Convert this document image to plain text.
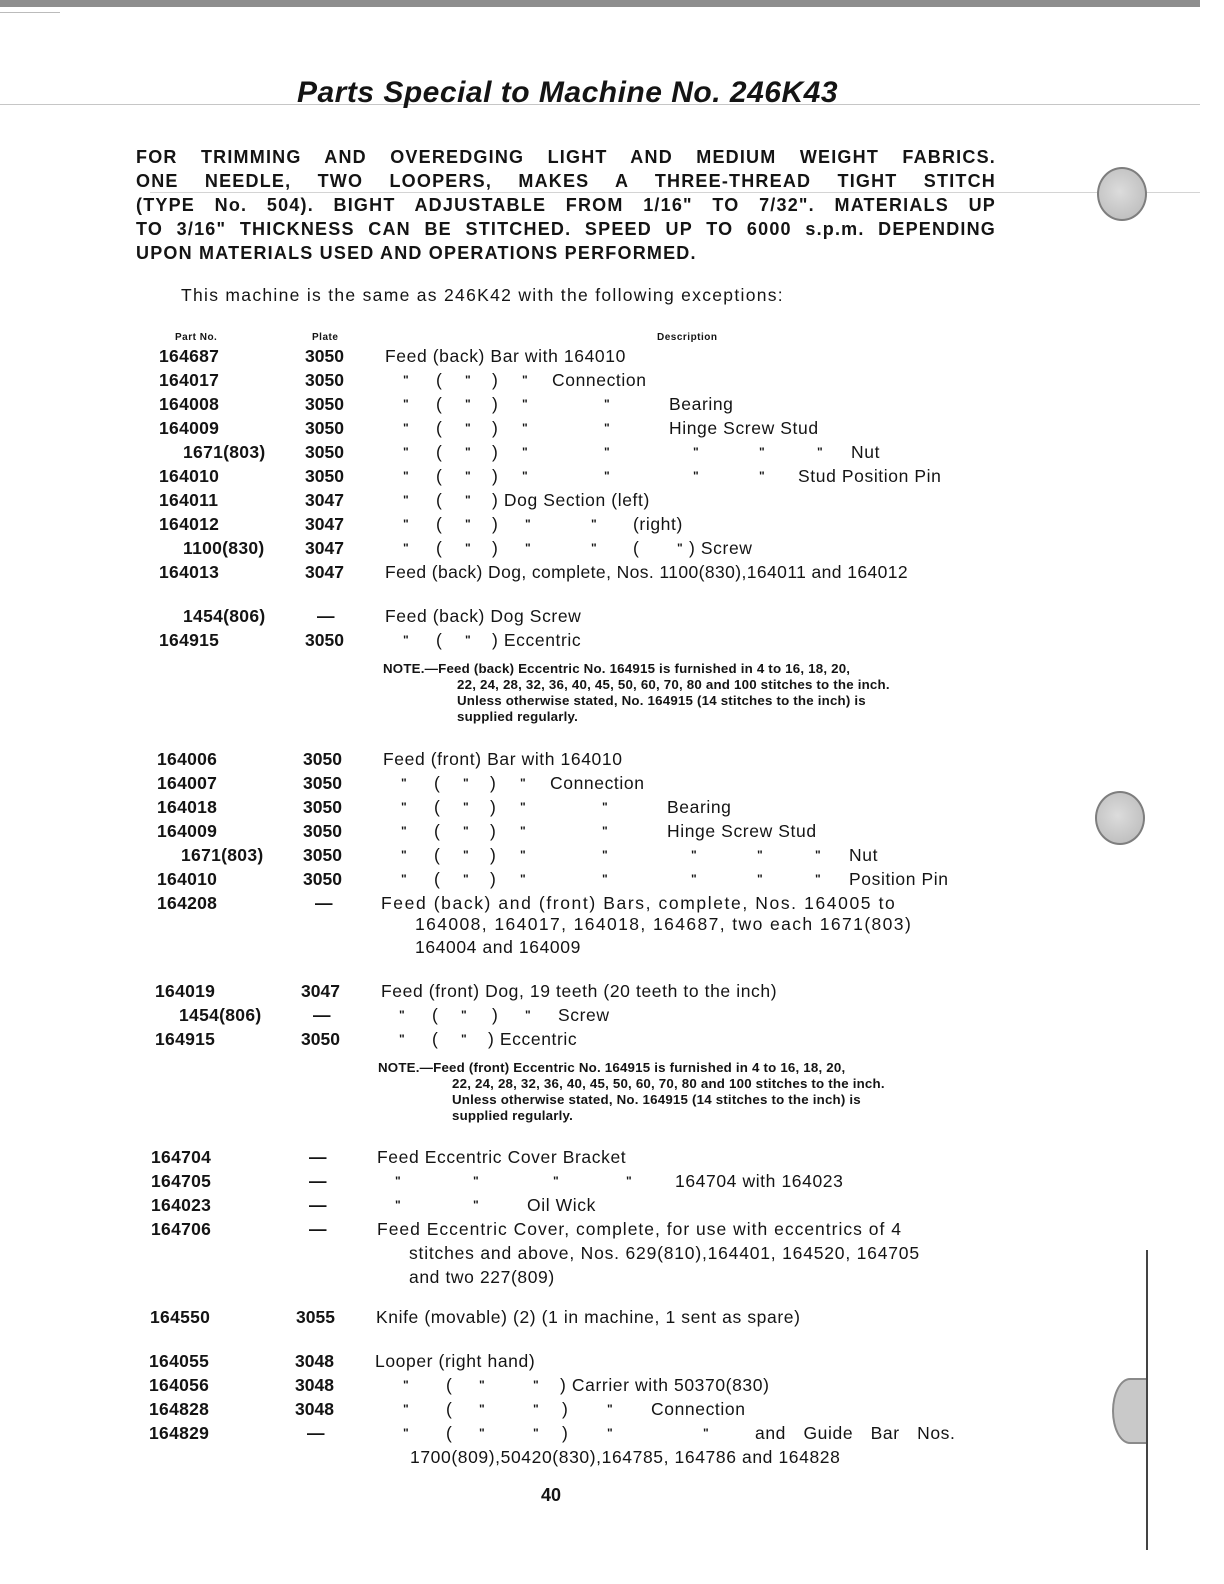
Parts Special to Machine No. 246K43
FOR TRIMMING AND OVEREDGING LIGHT AND MEDIUM WEIGHT FABRICS.
ONE NEEDLE, TWO LOOPERS, MAKES A THREE-THREAD TIGHT STITCH
(TYPE No. 504). BIGHT ADJUSTABLE FROM 1/16" TO 7/32". MATERIALS UP
TO 3/16" THICKNESS CAN BE STITCHED. SPEED UP TO 6000 s.p.m. DEPENDING
UPON MATERIALS USED AND OPERATIONS PERFORMED.
This machine is the same as 246K42 with the following exceptions:
Part No.	Plate	Description
164687	3050 Feed (back) Bar with 164010
164017	3050	" ( " ) " Connection
164008	3050	" ( " ) "	"	Bearing
164009	3050	" ( " ) "	"	Hinge Screw Stud
1671(803) 3050	" ( " ) "	"	"	"	" Nut
164010	3050	" ( " ) "	"	"	" Stud Position Pin
164011	3047	" ( " ) Dog Section (left)
164012	3047	" ( " ) "	" (right)
1100(830) 3047	" ( " ) "	" (	" ) Screw
164013	3047 Feed (back) Dog, complete, Nos. 1100(830),164011 and 164012
1454(806)	—	Feed (back) Dog Screw
164915	3050	" ( " ) Eccentric
NOTE.—Feed (back) Eccentric No. 164915 is furnished in 4 to 16, 18, 20,
22, 24, 28, 32, 36, 40, 45, 50, 60, 70, 80 and 100 stitches to the inch.
Unless otherwise stated, No. 164915 (14 stitches to the inch) is
supplied regularly.
164006	3050 Feed (front) Bar with 164010
164007	3050	" ( " ) " Connection
164018	3050	" ( " ) "	"	Bearing
164009	3050	" ( " ) "	"	Hinge Screw Stud
1671(803) 3050	" ( " ) "	"	"	"	" Nut
164010	3050	" ( " ) "	"	"	"	" Position Pin
164208	—	Feed (back) and (front) Bars, complete, Nos. 164005 to
164008, 164017, 164018, 164687, two each 1671(803)
164004 and 164009
164019	3047 Feed (front) Dog, 19 teeth (20 teeth to the inch)
1454(806)	—	" ( " ) " Screw
164915	3050	" ( " ) Eccentric
NOTE.—Feed (front) Eccentric No. 164915 is furnished in 4 to 16, 18, 20,
22, 24, 28, 32, 36, 40, 45, 50, 60, 70, 80 and 100 stitches to the inch.
Unless otherwise stated, No. 164915 (14 stitches to the inch) is
supplied regularly.
164704	—	Feed Eccentric Cover Bracket
164705	—	"	"	"	" 164704 with 164023
164023	—	"	"	Oil Wick
164706	—	Feed Eccentric Cover, complete, for use with eccentrics of 4
stitches and above, Nos. 629(810),164401, 164520, 164705
and two 227(809)
164550	3055 Knife (movable) (2) (1 in machine, 1 sent as spare)
164055	3048 Looper (right hand)
164056	3048	" ( "	" ) Carrier with 50370(830)
164828	3048	" ( "	" )	" Connection
164829	—	" ( "	" )	"	"	and Guide Bar Nos.
1700(809),50420(830),164785, 164786 and 164828
40
